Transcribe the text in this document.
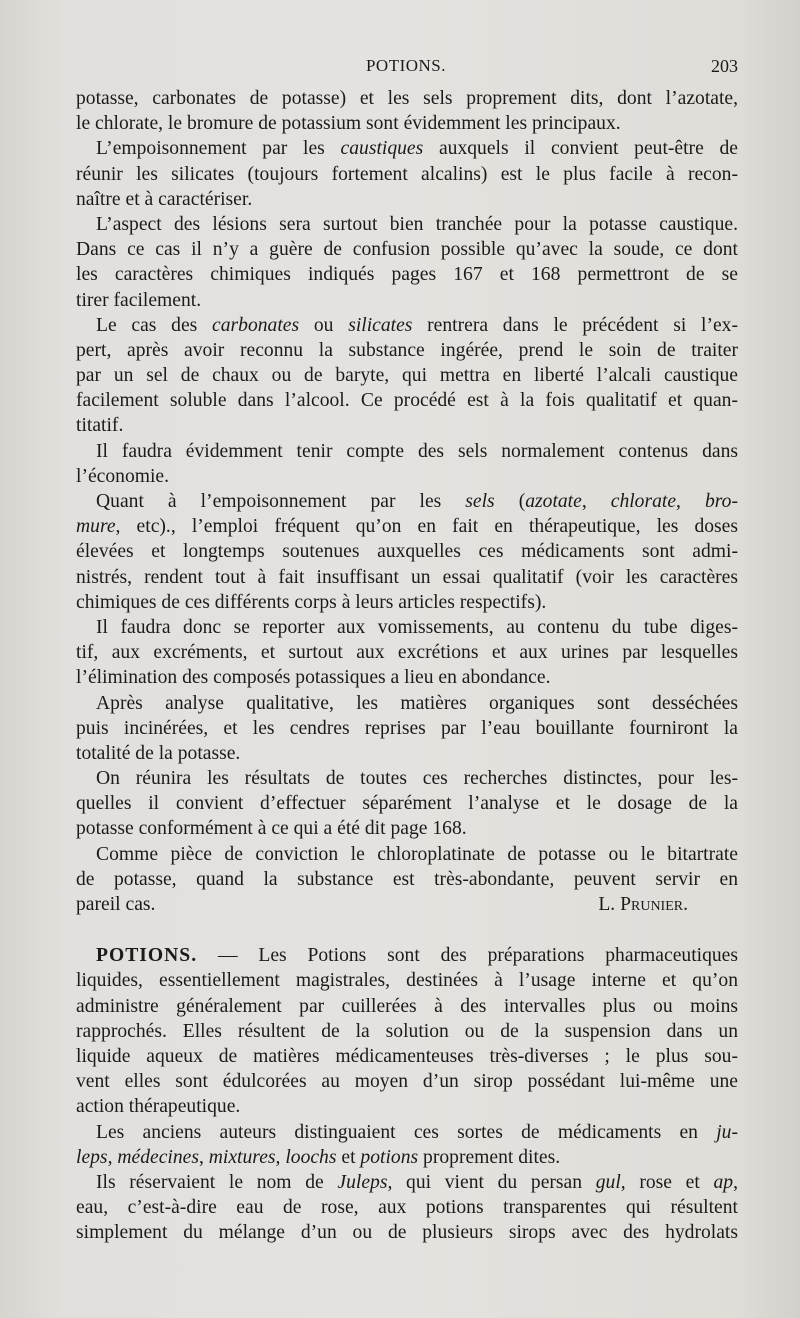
POTIONS.	203

potasse, carbonates de potasse) et les sels proprement dits, dont l’azotate,
le chlorate, le bromure de potassium sont évidemment les principaux.

L’empoisonnement par les caustiques auxquels il convient peut-être de
réunir les silicates (toujours fortement alcalins) est le plus facile à recon-
naître et à caractériser.

L’aspect des lésions sera surtout bien tranchée pour la potasse caustique.
Dans ce cas il n’y a guère de confusion possible qu’avec la soude, ce dont
les caractères chimiques indiqués pages 167 et 168 permettront de se
tirer facilement.

Le cas des carbonates ou silicates rentrera dans le précédent si l’ex-
pert, après avoir reconnu la substance ingérée, prend le soin de traiter
par un sel de chaux ou de baryte, qui mettra en liberté l’alcali caustique
facilement soluble dans l’alcool. Ce procédé est à la fois qualitatif et quan-
titatif.

Il faudra évidemment tenir compte des sels normalement contenus dans
l’économie.

Quant à l’empoisonnement par les sels (azotate, chlorate, bro-
mure, etc)., l’emploi fréquent qu’on en fait en thérapeutique, les doses
élevées et longtemps soutenues auxquelles ces médicaments sont admi-
nistrés, rendent tout à fait insuffisant un essai qualitatif (voir les caractères
chimiques de ces différents corps à leurs articles respectifs).

Il faudra donc se reporter aux vomissements, au contenu du tube diges-
tif, aux excréments, et surtout aux excrétions et aux urines par lesquelles
l’élimination des composés potassiques a lieu en abondance.

Après analyse qualitative, les matières organiques sont desséchées
puis incinérées, et les cendres reprises par l’eau bouillante fourniront la
totalité de la potasse.

On réunira les résultats de toutes ces recherches distinctes, pour les-
quelles il convient d’effectuer séparément l’analyse et le dosage de la
potasse conformément à ce qui a été dit page 168.

Comme pièce de conviction le chloroplatinate de potasse ou le bitartrate
de potasse, quand la substance est très-abondante, peuvent servir en
pareil cas.	L. Prunier.

POTIONS. — Les Potions sont des préparations pharmaceutiques
liquides, essentiellement magistrales, destinées à l’usage interne et qu’on
administre généralement par cuillerées à des intervalles plus ou moins
rapprochés. Elles résultent de la solution ou de la suspension dans un
liquide aqueux de matières médicamenteuses très-diverses ; le plus sou-
vent elles sont édulcorées au moyen d’un sirop possédant lui-même une
action thérapeutique.

Les anciens auteurs distinguaient ces sortes de médicaments en ju-
leps, médecines, mixtures, loochs et potions proprement dites.

Ils réservaient le nom de Juleps, qui vient du persan gul, rose et ap,
eau, c’est-à-dire eau de rose, aux potions transparentes qui résultent
simplement du mélange d’un ou de plusieurs sirops avec des hydrolats
